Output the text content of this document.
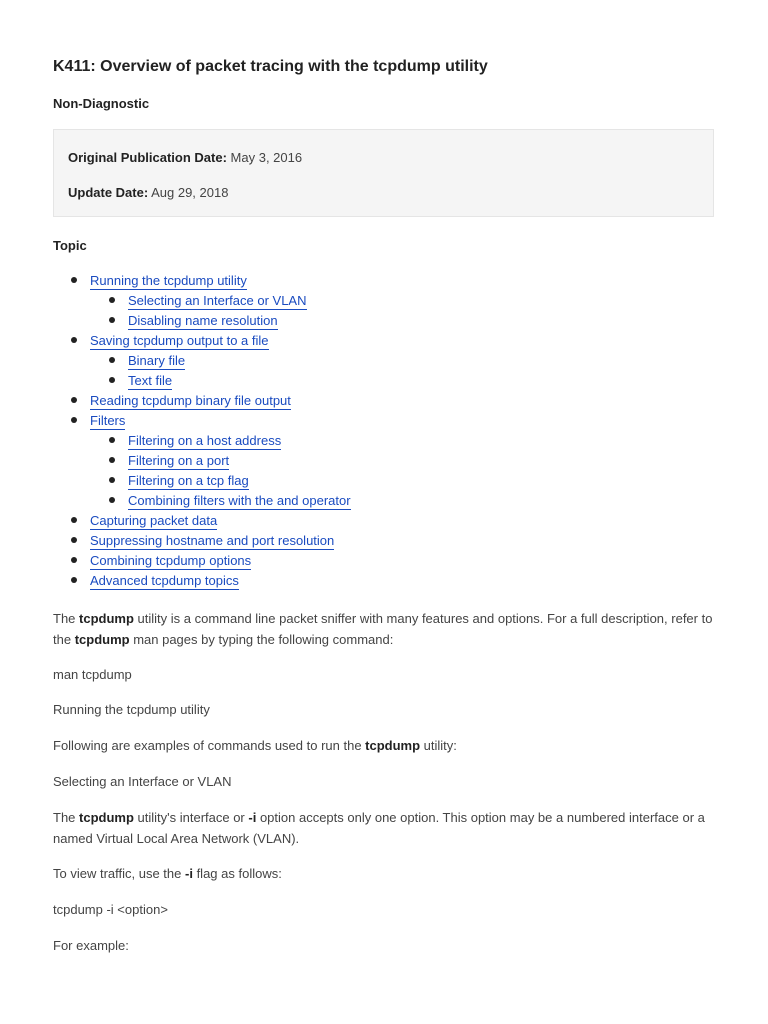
K411: Overview of packet tracing with the tcpdump utility
Non-Diagnostic
Original Publication Date: May 3, 2016
Update Date: Aug 29, 2018
Topic
Running the tcpdump utility
Selecting an Interface or VLAN
Disabling name resolution
Saving tcpdump output to a file
Binary file
Text file
Reading tcpdump binary file output
Filters
Filtering on a host address
Filtering on a port
Filtering on a tcp flag
Combining filters with the and operator
Capturing packet data
Suppressing hostname and port resolution
Combining tcpdump options
Advanced tcpdump topics

The tcpdump utility is a command line packet sniffer with many features and options. For a full description, refer to the tcpdump man pages by typing the following command:

man tcpdump

Running the tcpdump utility

Following are examples of commands used to run the tcpdump utility:

Selecting an Interface or VLAN

The tcpdump utility's interface or -i option accepts only one option. This option may be a numbered interface or a named Virtual Local Area Network (VLAN).

To view traffic, use the -i flag as follows:

tcpdump -i <option>

For example:
